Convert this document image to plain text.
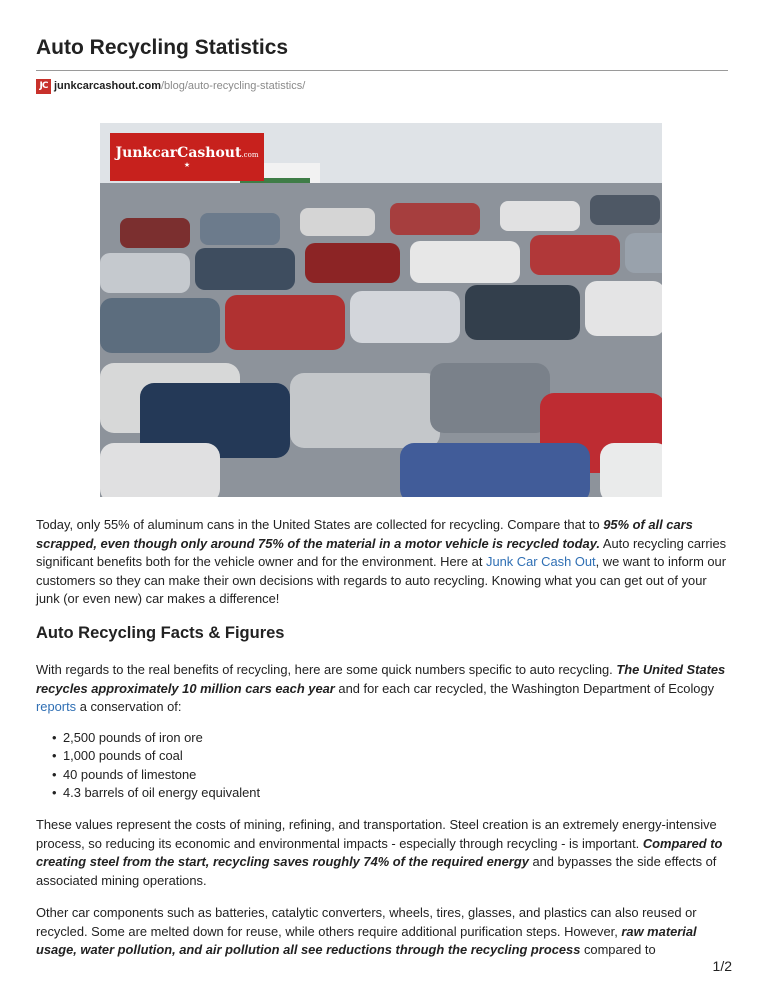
Auto Recycling Statistics
JC junkcarcashout.com /blog/auto-recycling-statistics/
JunkcarCashout.com
★

Today, only 55% of aluminum cans in the United States are collected for recycling. Compare that to 95% of all cars scrapped, even though only around 75% of the material in a motor vehicle is recycled today. Auto recycling carries significant benefits both for the vehicle owner and for the environment. Here at Junk Car Cash Out, we want to inform our customers so they can make their own decisions with regards to auto recycling. Knowing what you can get out of your junk (or even new) car makes a difference!

Auto Recycling Facts & Figures

With regards to the real benefits of recycling, here are some quick numbers specific to auto recycling. The United States recycles approximately 10 million cars each year and for each car recycled, the Washington Department of Ecology reports a conservation of:

• 2,500 pounds of iron ore
• 1,000 pounds of coal
• 40 pounds of limestone
• 4.3 barrels of oil energy equivalent

These values represent the costs of mining, refining, and transportation. Steel creation is an extremely energy-intensive process, so reducing its economic and environmental impacts - especially through recycling - is important. Compared to creating steel from the start, recycling saves roughly 74% of the required energy and bypasses the side effects of associated mining operations.

Other car components such as batteries, catalytic converters, wheels, tires, glasses, and plastics can also reused or recycled. Some are melted down for reuse, while others require additional purification steps. However, raw material usage, water pollution, and air pollution all see reductions through the recycling process compared to

1/2
